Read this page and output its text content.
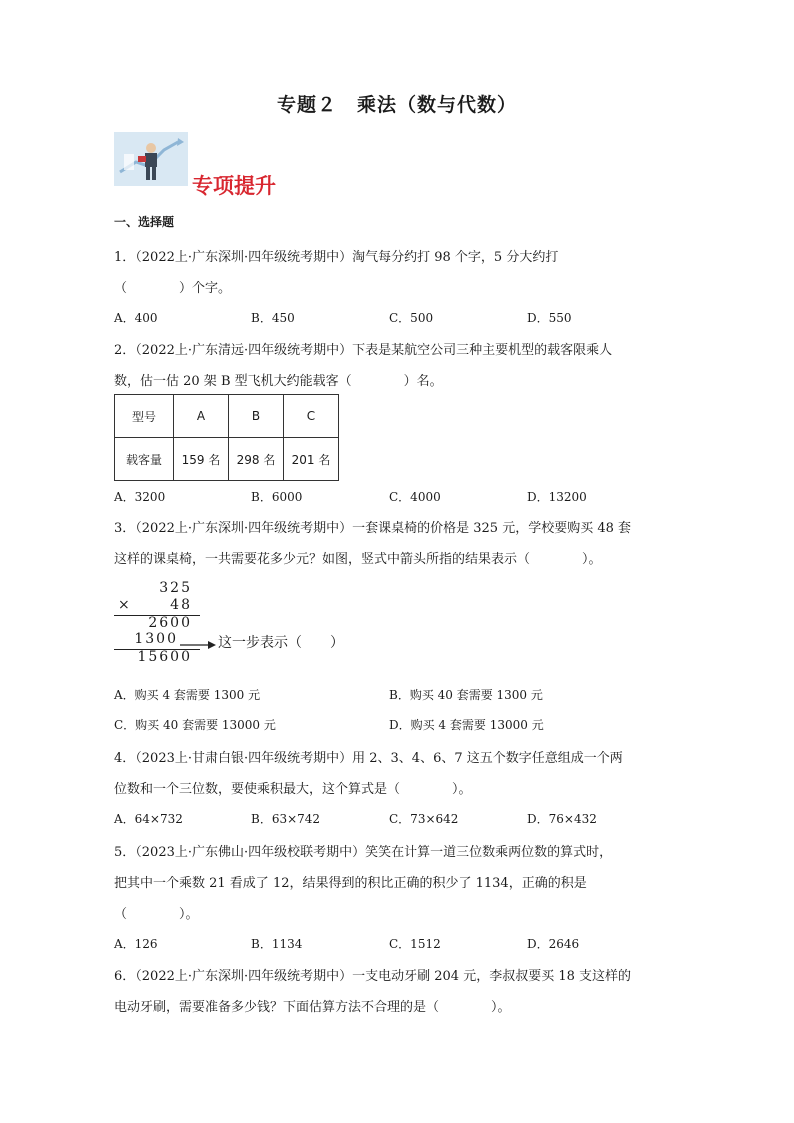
专题２　乘法（数与代数）
专项提升
一、选择题
1．（2022上·广东深圳·四年级统考期中）淘气每分约打 98 个字，5 分大约打
（　　　　）个字。
A．400	B．450	C．500	D．550
2．（2022上·广东清远·四年级统考期中）下表是某航空公司三种主要机型的载客限乘人
数，估一估 20 架 B 型飞机大约能载客（　　　　）名。
型号	A	B	C
载客量	159 名	298 名	201 名
A．3200	B．6000	C．4000	D．13200
3．（2022上·广东深圳·四年级统考期中）一套课桌椅的价格是 325 元，学校要购买 48 套
这样的课桌椅，一共需要花多少元？如图，竖式中箭头所指的结果表示（　　　　）。
325
×	48
2600
1300
15600
这一步表示（　　）
A．购买 4 套需要 1300 元	B．购买 40 套需要 1300 元
C．购买 40 套需要 13000 元	D．购买 4 套需要 13000 元
4．（2023上·甘肃白银·四年级统考期中）用 2、3、4、6、7 这五个数字任意组成一个两
位数和一个三位数，要使乘积最大，这个算式是（　　　　）。
A．64×732	B．63×742	C．73×642	D．76×432
5．（2023上·广东佛山·四年级校联考期中）笑笑在计算一道三位数乘两位数的算式时，
把其中一个乘数 21 看成了 12，结果得到的积比正确的积少了 1134，正确的积是
（　　　　）。
A．126	B．1134	C．1512	D．2646
6．（2022上·广东深圳·四年级统考期中）一支电动牙刷 204 元，李叔叔要买 18 支这样的
电动牙刷，需要准备多少钱？下面估算方法不合理的是（　　　　）。
